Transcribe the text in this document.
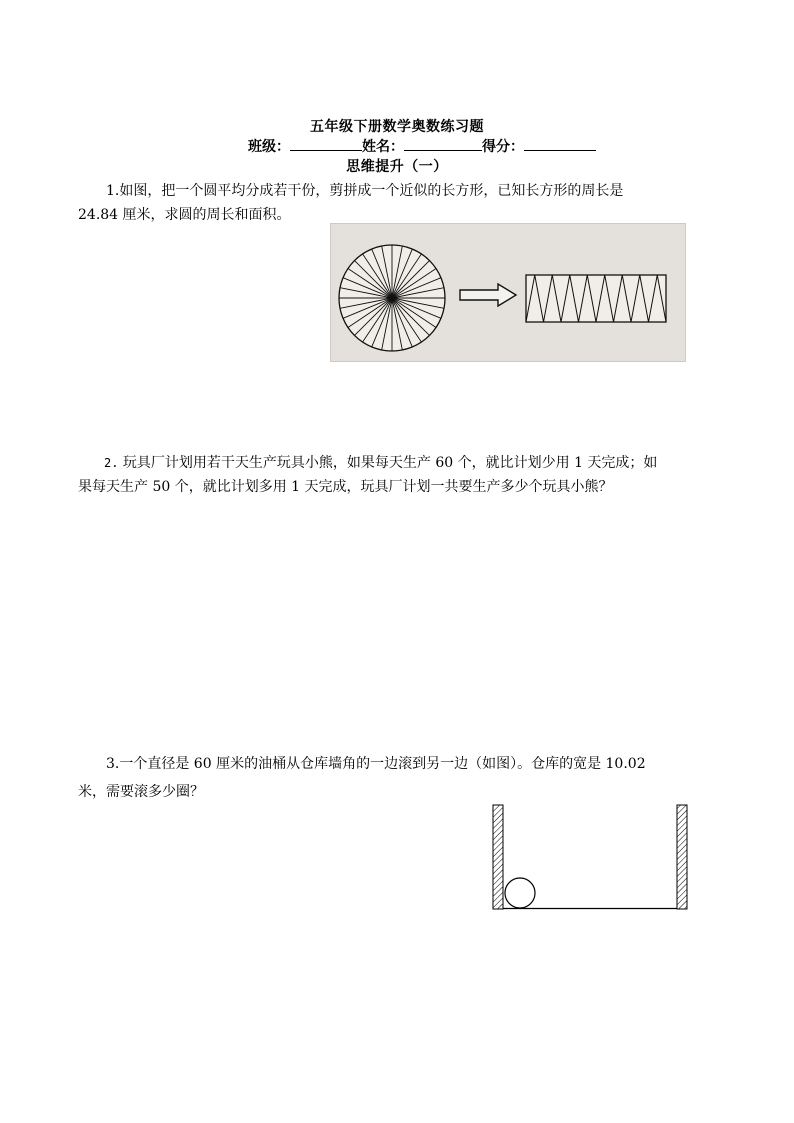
五年级下册数学奥数练习题
班级：	姓名：	得分：
思维提升（一）
1.如图，把一个圆平均分成若干份，剪拼成一个近似的长方形，已知长方形的周长是
24.84 厘米，求圆的周长和面积。
2. 玩具厂计划用若干天生产玩具小熊，如果每天生产 60 个，就比计划少用 1 天完成；如
果每天生产 50 个，就比计划多用 1 天完成，玩具厂计划一共要生产多少个玩具小熊？
3.一个直径是 60 厘米的油桶从仓库墙角的一边滚到另一边（如图）。仓库的宽是 10.02
米，需要滚多少圈？
